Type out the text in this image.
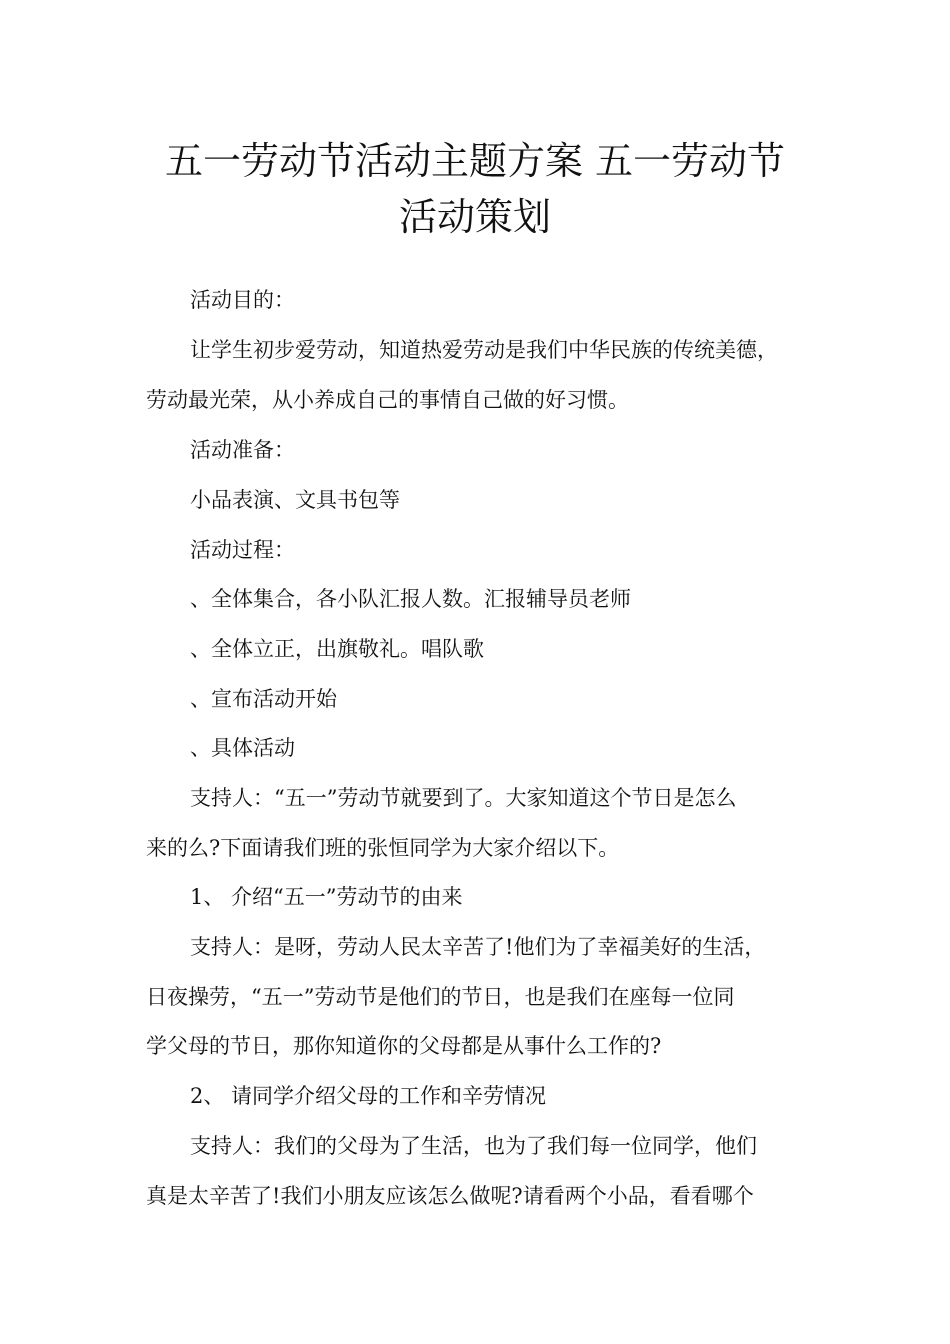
五一劳动节活动主题方案 五一劳动节
活动策划

活动目的：

让学生初步爱劳动，知道热爱劳动是我们中华民族的传统美德，

劳动最光荣，从小养成自己的事情自己做的好习惯。

活动准备：

小品表演、文具书包等

活动过程：

、全体集合，各小队汇报人数。汇报辅导员老师

、全体立正，出旗敬礼。唱队歌

、宣布活动开始

、具体活动

支持人：“五一”劳动节就要到了。大家知道这个节日是怎么

来的么?下面请我们班的张恒同学为大家介绍以下。

1、 介绍“五一”劳动节的由来

支持人：是呀，劳动人民太辛苦了!他们为了幸福美好的生活，

日夜操劳，“五一”劳动节是他们的节日，也是我们在座每一位同

学父母的节日，那你知道你的父母都是从事什么工作的?

2、 请同学介绍父母的工作和辛劳情况

支持人：我们的父母为了生活，也为了我们每一位同学，他们

真是太辛苦了!我们小朋友应该怎么做呢?请看两个小品，看看哪个
